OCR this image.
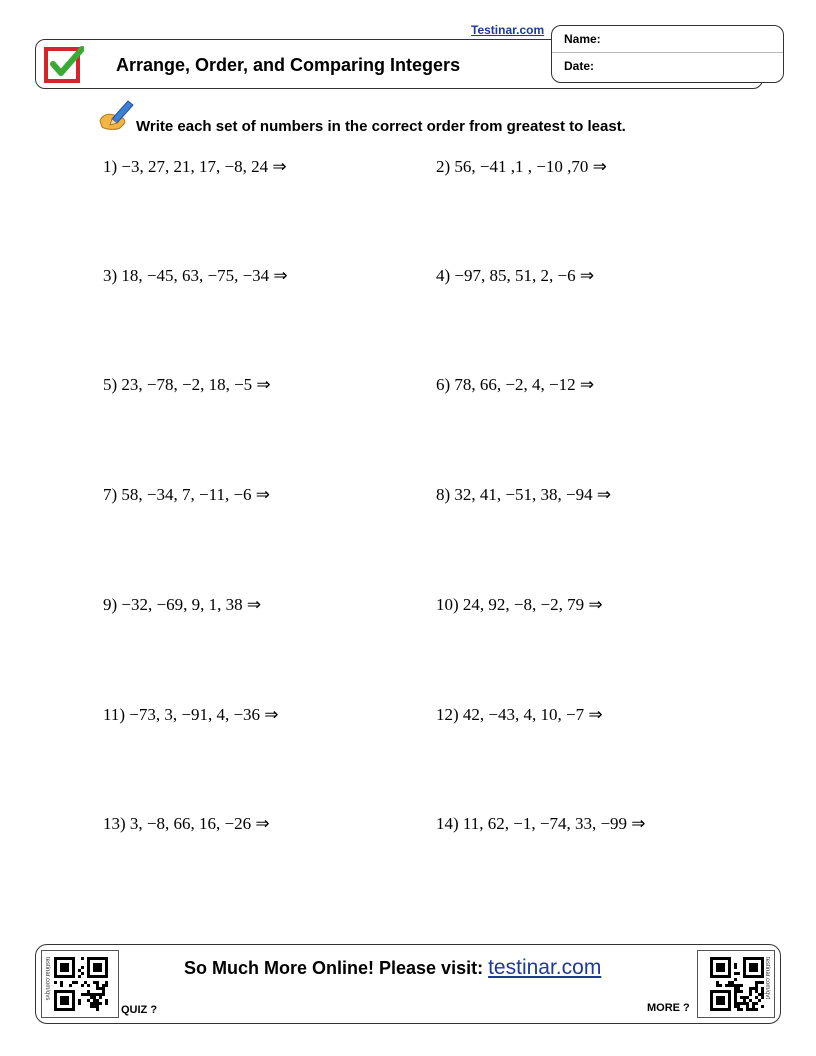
Testinar.com
Arrange, Order, and Comparing Integers
Name:
Date:
Write each set of numbers in the correct order from greatest to least.
1) −3, 27, 21, 17, −8, 24 ⇒	2) 56, −41 ,1 , −10 ,70 ⇒
3) 18, −45, 63, −75, −34 ⇒	4) −97, 85, 51, 2, −6 ⇒
5) 23, −78, −2, 18, −5 ⇒	6) 78, 66, −2, 4, −12 ⇒
7) 58, −34, 7, −11, −6 ⇒	8) 32, 41, −51, 38, −94 ⇒
9) −32, −69, 9, 1, 38 ⇒	10) 24, 92, −8, −2, 79 ⇒
11) −73, 3, −91, 4, −36 ⇒	12) 42, −43, 4, 10, −7 ⇒
13) 3, −8, 66, 16, −26 ⇒	14) 11, 62, −1, −74, 33, −99 ⇒
testinar.com/qvs
QUIZ ?
So Much More Online! Please visit: testinar.com
MORE ?
testinar.com/qvt
